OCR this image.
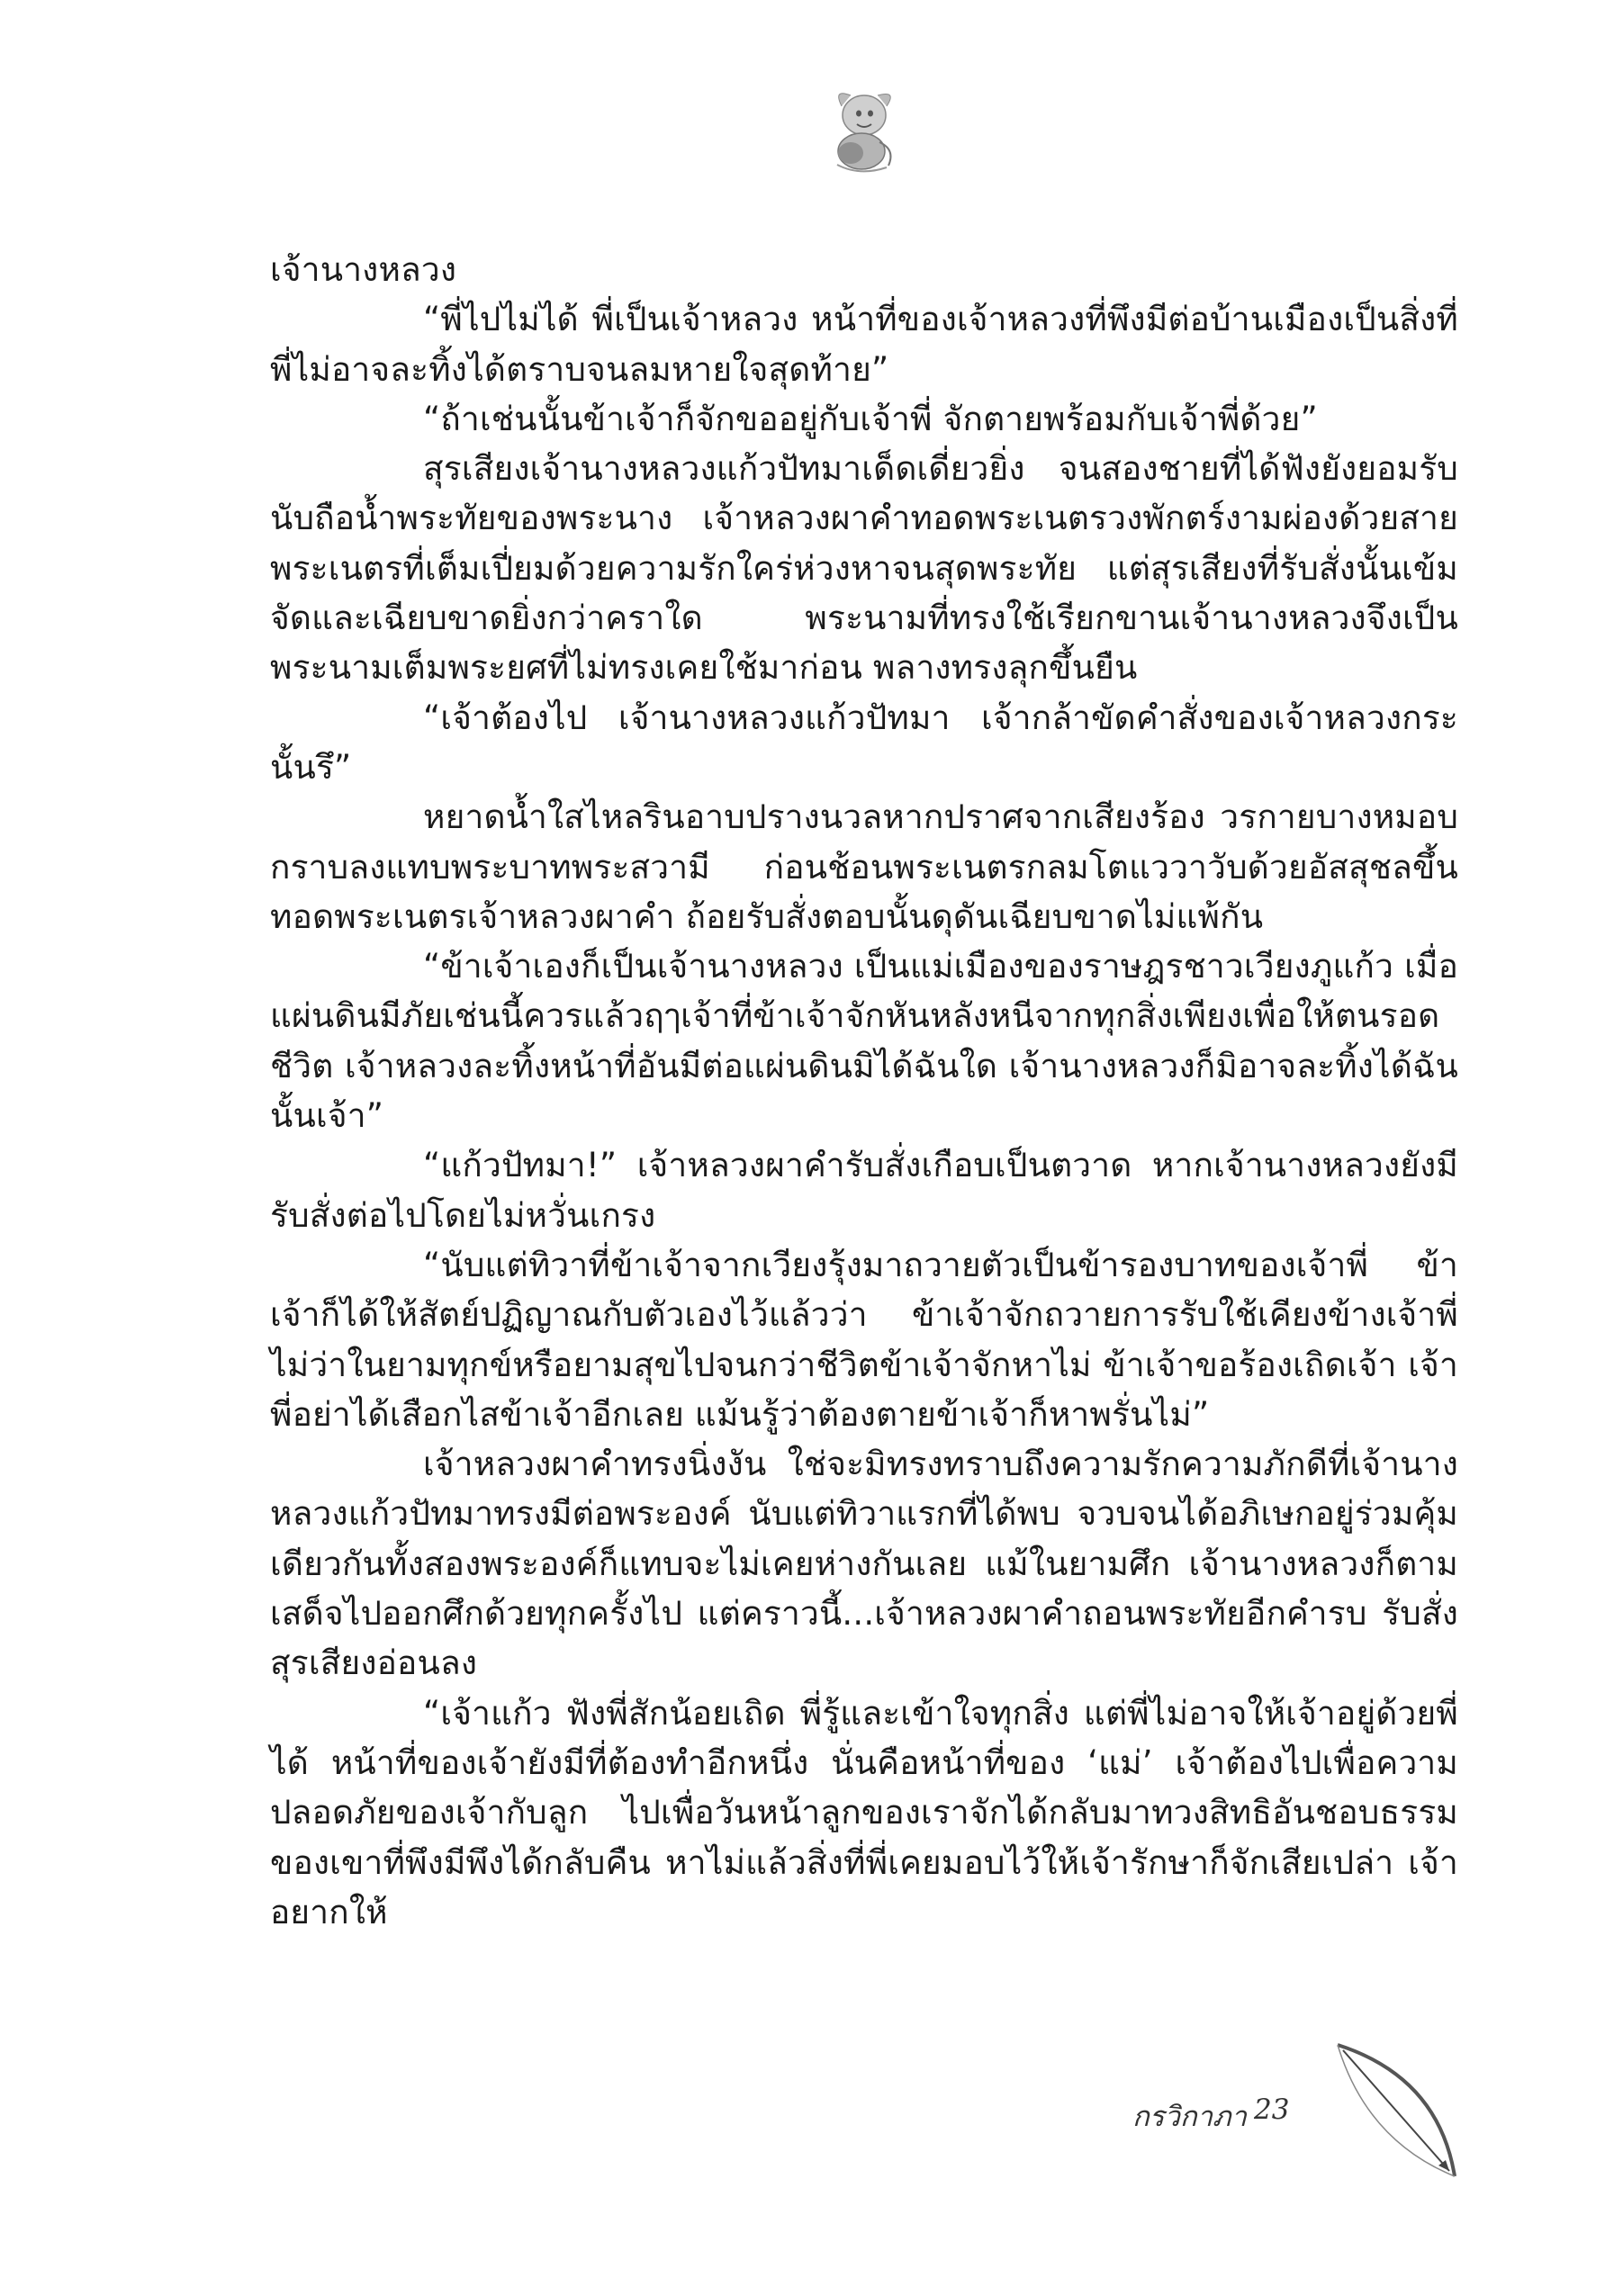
เจ้านางหลวง

“พี่ไปไม่ได้ พี่เป็นเจ้าหลวง หน้าที่ของเจ้าหลวงที่พึงมีต่อบ้านเมืองเป็นสิ่งที่พี่ไม่อาจละทิ้งได้ตราบจนลมหายใจสุดท้าย”

“ถ้าเช่นนั้นข้าเจ้าก็จักขออยู่กับเจ้าพี่ จักตายพร้อมกับเจ้าพี่ด้วย”

สุรเสียงเจ้านางหลวงแก้วปัทมาเด็ดเดี่ยวยิ่ง จนสองชายที่ได้ฟังยังยอมรับนับถือน้ำพระทัยของพระนาง เจ้าหลวงผาคำทอดพระเนตรวงพักตร์งามผ่องด้วยสายพระเนตรที่เต็มเปี่ยมด้วยความรักใคร่ห่วงหาจนสุดพระทัย แต่สุรเสียงที่รับสั่งนั้นเข้มจัดและเฉียบขาดยิ่งกว่าคราใด พระนามที่ทรงใช้เรียกขานเจ้านางหลวงจึงเป็นพระนามเต็มพระยศที่ไม่ทรงเคยใช้มาก่อน พลางทรงลุกขึ้นยืน

“เจ้าต้องไป เจ้านางหลวงแก้วปัทมา เจ้ากล้าขัดคำสั่งของเจ้าหลวงกระนั้นรึ”

หยาดน้ำใสไหลรินอาบปรางนวลหากปราศจากเสียงร้อง วรกายบางหมอบกราบลงแทบพระบาทพระสวามี ก่อนช้อนพระเนตรกลมโตแววาวับด้วยอัสสุชลขึ้นทอดพระเนตรเจ้าหลวงผาคำ ถ้อยรับสั่งตอบนั้นดุดันเฉียบขาดไม่แพ้กัน

“ข้าเจ้าเองก็เป็นเจ้านางหลวง เป็นแม่เมืองของราษฎรชาวเวียงภูแก้ว เมื่อแผ่นดินมีภัยเช่นนี้ควรแล้วฤๅเจ้าที่ข้าเจ้าจักหันหลังหนีจากทุกสิ่งเพียงเพื่อให้ตนรอดชีวิต เจ้าหลวงละทิ้งหน้าที่อันมีต่อแผ่นดินมิได้ฉันใด เจ้านางหลวงก็มิอาจละทิ้งได้ฉันนั้นเจ้า”

“แก้วปัทมา!” เจ้าหลวงผาคำรับสั่งเกือบเป็นตวาด หากเจ้านางหลวงยังมีรับสั่งต่อไปโดยไม่หวั่นเกรง

“นับแต่ทิวาที่ข้าเจ้าจากเวียงรุ้งมาถวายตัวเป็นข้ารองบาทของเจ้าพี่ ข้าเจ้าก็ได้ให้สัตย์ปฏิญาณกับตัวเองไว้แล้วว่า ข้าเจ้าจักถวายการรับใช้เคียงข้างเจ้าพี่ไม่ว่าในยามทุกข์หรือยามสุขไปจนกว่าชีวิตข้าเจ้าจักหาไม่ ข้าเจ้าขอร้องเถิดเจ้า เจ้าพี่อย่าได้เสือกไสข้าเจ้าอีกเลย แม้นรู้ว่าต้องตายข้าเจ้าก็หาพรั่นไม่”

เจ้าหลวงผาคำทรงนิ่งงัน ใช่จะมิทรงทราบถึงความรักความภักดีที่เจ้านางหลวงแก้วปัทมาทรงมีต่อพระองค์ นับแต่ทิวาแรกที่ได้พบ จวบจนได้อภิเษกอยู่ร่วมคุ้มเดียวกันทั้งสองพระองค์ก็แทบจะไม่เคยห่างกันเลย แม้ในยามศึก เจ้านางหลวงก็ตามเสด็จไปออกศึกด้วยทุกครั้งไป แต่คราวนี้...เจ้าหลวงผาคำถอนพระทัยอีกคำรบ รับสั่งสุรเสียงอ่อนลง

“เจ้าแก้ว ฟังพี่สักน้อยเถิด พี่รู้และเข้าใจทุกสิ่ง แต่พี่ไม่อาจให้เจ้าอยู่ด้วยพี่ได้ หน้าที่ของเจ้ายังมีที่ต้องทำอีกหนึ่ง นั่นคือหน้าที่ของ ‘แม่’ เจ้าต้องไปเพื่อความปลอดภัยของเจ้ากับลูก ไปเพื่อวันหน้าลูกของเราจักได้กลับมาทวงสิทธิอันชอบธรรมของเขาที่พึงมีพึงได้กลับคืน หาไม่แล้วสิ่งที่พี่เคยมอบไว้ให้เจ้ารักษาก็จักเสียเปล่า เจ้าอยากให้

กรวิกาภา 23
